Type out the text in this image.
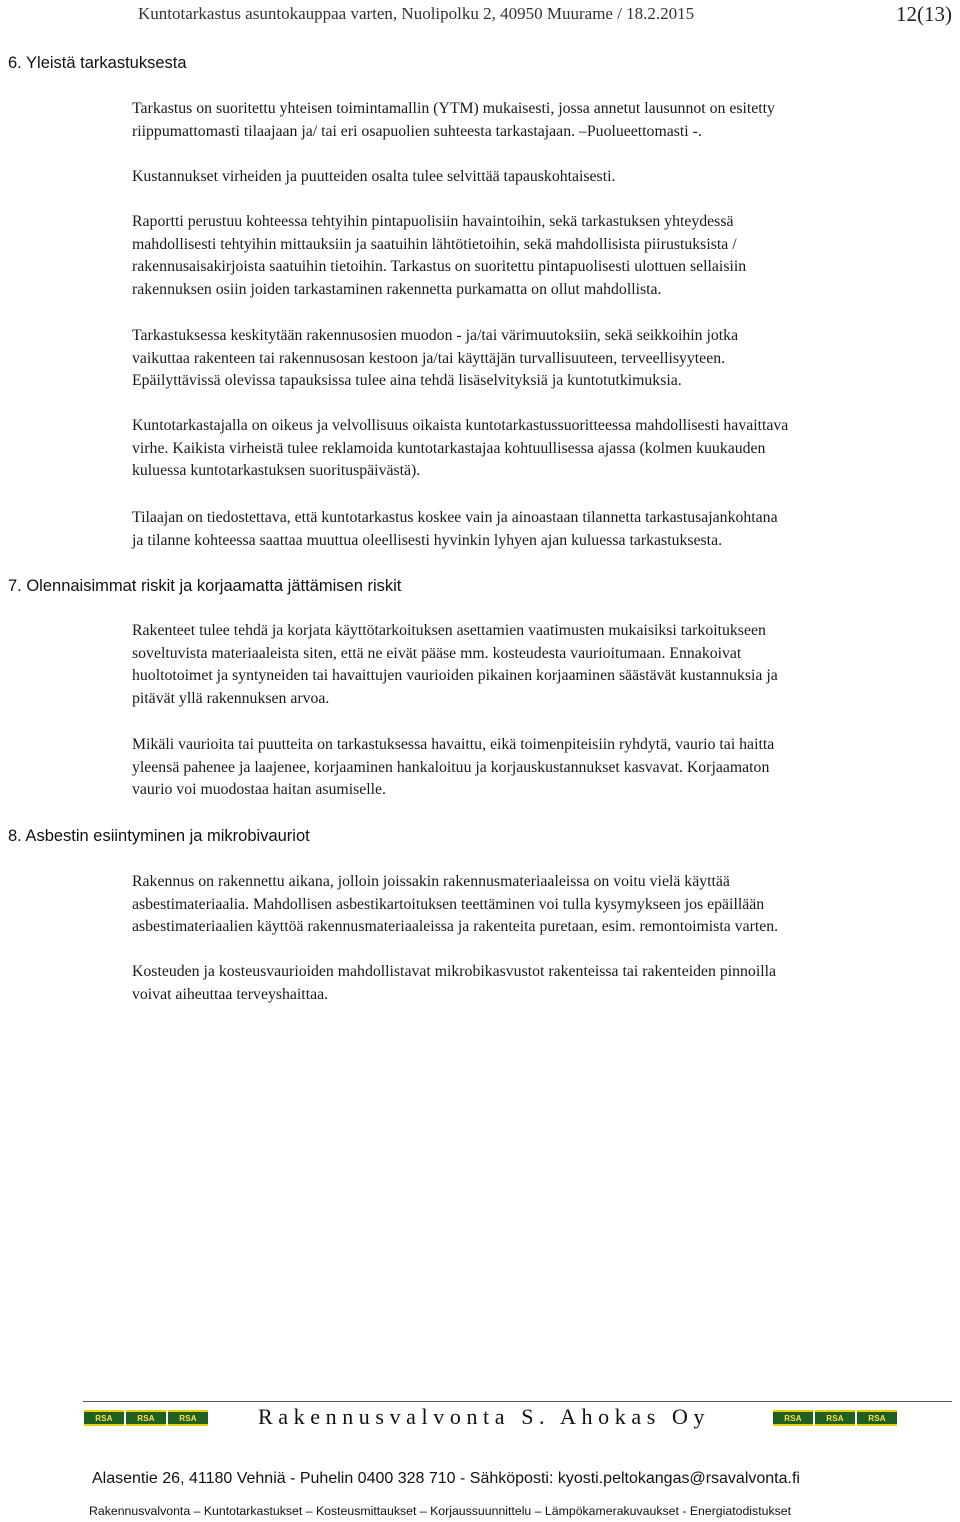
Kuntotarkastus asuntokauppaa varten, Nuolipolku 2, 40950 Muurame / 18.2.2015	12(13)
6. Yleistä tarkastuksesta

Tarkastus on suoritettu yhteisen toimintamallin (YTM) mukaisesti, jossa annetut lausunnot on esitetty
riippumattomasti tilaajaan ja/ tai eri osapuolien suhteesta tarkastajaan. –Puolueettomasti -.

Kustannukset virheiden ja puutteiden osalta tulee selvittää tapauskohtaisesti.

Raportti perustuu kohteessa tehtyihin pintapuolisiin havaintoihin, sekä tarkastuksen yhteydessä
mahdollisesti tehtyihin mittauksiin ja saatuihin lähtötietoihin, sekä mahdollisista piirustuksista /
rakennusaisakirjoista saatuihin tietoihin. Tarkastus on suoritettu pintapuolisesti ulottuen sellaisiin
rakennuksen osiin joiden tarkastaminen rakennetta purkamatta on ollut mahdollista.

Tarkastuksessa keskitytään rakennusosien muodon - ja/tai värimuutoksiin, sekä seikkoihin jotka
vaikuttaa rakenteen tai rakennusosan kestoon ja/tai käyttäjän turvallisuuteen, terveellisyyteen.
Epäilyttävissä olevissa tapauksissa tulee aina tehdä lisäselvityksiä ja kuntotutkimuksia.

Kuntotarkastajalla on oikeus ja velvollisuus oikaista kuntotarkastussuoritteessa mahdollisesti havaittava
virhe. Kaikista virheistä tulee reklamoida kuntotarkastajaa kohtuullisessa ajassa (kolmen kuukauden
kuluessa kuntotarkastuksen suorituspäivästä).

Tilaajan on tiedostettava, että kuntotarkastus koskee vain ja ainoastaan tilannetta tarkastusajankohtana
ja tilanne kohteessa saattaa muuttua oleellisesti hyvinkin lyhyen ajan kuluessa tarkastuksesta.

7. Olennaisimmat riskit ja korjaamatta jättämisen riskit

Rakenteet tulee tehdä ja korjata käyttötarkoituksen asettamien vaatimusten mukaisiksi tarkoitukseen
soveltuvista materiaaleista siten, että ne eivät pääse mm. kosteudesta vaurioitumaan. Ennakoivat
huoltotoimet ja syntyneiden tai havaittujen vaurioiden pikainen korjaaminen säästävät kustannuksia ja
pitävät yllä rakennuksen arvoa.

Mikäli vaurioita tai puutteita on tarkastuksessa havaittu, eikä toimenpiteisiin ryhdytä, vaurio tai haitta
yleensä pahenee ja laajenee, korjaaminen hankaloituu ja korjauskustannukset kasvavat. Korjaamaton
vaurio voi muodostaa haitan asumiselle.

8. Asbestin esiintyminen ja mikrobivauriot

Rakennus on rakennettu aikana, jolloin joissakin rakennusmateriaaleissa on voitu vielä käyttää
asbestimateriaalia. Mahdollisen asbestikartoituksen teettäminen voi tulla kysymykseen jos epäillään
asbestimateriaalien käyttöä rakennusmateriaaleissa ja rakenteita puretaan, esim. remontoimista varten.

Kosteuden ja kosteusvaurioiden mahdollistavat mikrobikasvustot rakenteissa tai rakenteiden pinnoilla
voivat aiheuttaa terveyshaittaa.

RSA	RSA	RSA	Rakennusvalvonta S. Ahokas Oy	RSA	RSA	RSA
Alasentie 26, 41180 Vehniä - Puhelin 0400 328 710 - Sähköposti: kyosti.peltokangas@rsavalvonta.fi
Rakennusvalvonta – Kuntotarkastukset – Kosteusmittaukset – Korjaussuunnittelu – Lämpökamerakuvaukset - Energiatodistukset
